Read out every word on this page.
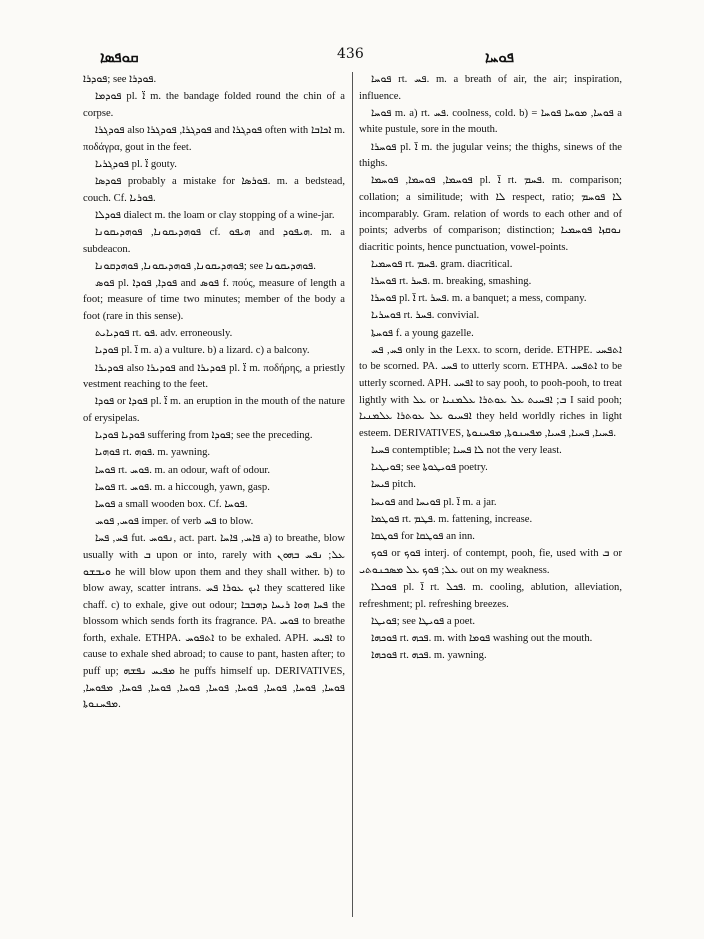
ܩܘܦܣܐ	436	ܦܘܚܐ

ܦܘܕܪܐ; see ܦܘܕܪܐ.

ܦܘܕܡܐ pl. ܐ̈ m. the bandage folded round the chin of a corpse.

ܦܘܕܓܪܐ also ܦܘܕܓܪܐ, ܦܘܕܓܪܐ and ܦܘܕܓܪܐ often with ܐܟܐܒܐ m. ποδάγρα, gout in the feet.

ܦܘܕܓܪܝܐ pl. ܐ̈ gouty.

ܦܘܕܣܐ probably a mistake for ܦܘܪܣܐ. m. a bedstead, couch. Cf. ܦܘܪܝܐ.

ܦܘܕܠܐ dialect m. the loam or clay stopping of a wine-jar.

ܦܘܗܕܝܩܘܢܐ, ܦܘܗܕܝܩܘܢܐ cf. ܗܝܦܘ and ܗܝܦܘܕ. m. a subdeacon.

ܦܘܗܕܝܩܘܢܐ, ܦܘܗܕܝܩܘܢܐ, ܦܘܗܕܩܘܢܐ; see ܦܘܗܕܝܩܘܢܐ.

ܦܘܣ pl. ܦܘܕܐ, ܦܘܕܐ and ܦܘܣ f. πούς, measure of length a foot; measure of time two minutes; member of the body a foot (rare in this sense).

ܦܘܕܝܐܝܬ rt. ܦܘ. adv. erroneously.

ܦܘܕܝܐ pl. ܐ̈ m. a) a vulture. b) a lizard. c) a balcony.

ܦܘܕܝܪܐ also ܦܘܕܝܪܐ and ܦܘܕܝܪܐ pl. ܐ̈ m. ποδήρης, a priestly vestment reaching to the feet.

ܦܘܕܐ or ܦܘܕܐ pl. ܐ̈ m. an eruption in the mouth of the nature of erysipelas.

ܦܘܕܝܐ ܦܘܕܝܐ suffering from ܦܘܕܐ; see the preceding.

ܦܘܗܝܐ rt. ܦܘܗ. m. yawning.

ܦܘܚܐ rt. ܦܘܚ. m. an odour, waft of odour.

ܦܘܚܐ rt. ܦܘܚ. m. a hiccough, yawn, gasp.

ܦܘܚܐ a small wooden box. Cf. ܦܘܚܐ.

ܦܘܚ, ܦܘܚ imper. of verb ܦܚ to blow.

ܦܚ, ܦܚܐ fut. ܢܦܘܚ, act. part. ܦܐܚ, ܦܐܚܐ a) to breathe, blow usually with ܒ upon or into, rarely with ܥܠ; ܢܦܚ ܒܗܘܢ ܘܝܒܫܘ he will blow upon them and they shall wither. b) to blow away, scatter intrans. ܐܝܟ ܥܘܪܐ ܦܚ they scattered like chaff. c) to exhale, give out odour; ܦܚܐ ܗܘܐ ܪܝܚܐ ܕܗܒܒܐ the blossom which sends forth its fragrance. PA. ܦܘܚ to breathe forth, exhale. ETHPA. ܐܬܦܘܚ to be exhaled. APH. ܐܦܝܚ to cause to exhale shed abroad; to cause to pant, hasten after; to puff up; ܡܦܝܚ ܢܦܫܗ he puffs himself up. DERIVATIVES, ܦܘܚܐ, ܦܘܚܐ, ܦܘܚܐ, ܦܘܚܐ, ܦܘܚܐ, ܦܘܚܐ, ܦܘܚܐ, ܦܘܚܐ, ܡܦܘܚܐ, ܡܦܚܢܘܬܐ.

ܦܘܚܐ rt. ܦܚ. m. a breath of air, the air; inspiration, influence.

ܦܘܚܐ m. a) rt. ܦܚ. coolness, cold. b) = ܦܘܚܐ, ܡܘܚܐ ܦܘܚܐ a white pustule, sore in the mouth.

ܦܘܚܪܐ pl. ܐ̈ m. the jugular veins; the thighs, sinews of the thighs.

ܦܘܚܡܐ, ܦܘܚܡܐ, ܦܘܚܡܐ pl. ܐ̈ rt. ܦܚܡ. m. comparison; collation; a similitude; with ܠܐ respect, ratio; ܠܐ ܦܘܚܡ incomparably. Gram. relation of words to each other and of points; adverbs of comparison; distinction; ܢܘܩܙܐ ܦܘܚܡܝܐ diacritic points, hence punctuation, vowel-points.

ܦܘܚܡܝܐ rt. ܦܚܡ. gram. diacritical.

ܦܘܚܪܐ rt. ܦܚܪ. m. breaking, smashing.

ܦܘܚܪܐ pl. ܐ̈ rt. ܦܚܪ. m. a banquet; a mess, company.

ܦܘܚܪܝܐ rt. ܦܚܪ. convivial.

ܦܘܚܬܐ f. a young gazelle.

ܦܚ, ܦܚ only in the Lexx. to scorn, deride. ETHPE. ܐܬܦܚܝ to be scorned. PA. ܦܚܝ to utterly scorn. ETHPA. ܐܬܦܚܝ to be utterly scorned. APH. ܐܦܚܝ to say pooh, to pooh-pooh, to treat lightly with ܥܠ or ܒ; ܐܦܚܝܬ ܥܠ ܥܘܬܪܐ ܥܠܡܢܝܐ I said pooh; ܐܦܚܝܘ ܥܠ ܥܘܬܪܐ ܥܠܡܢܝܐ they held worldly riches in light esteem. DERIVATIVES, ܦܚܝܐ, ܦܚܝܐ, ܦܚܝܐ, ܡܦܚܢܘܬܐ, ܡܦܚܢܘܬܐ.

ܦܚܝܐ contemptible; ܠܐ ܦܚܝܐ not the very least.

ܦܘܝܛܝܐ; see ܦܘܝܛܘܬܐ poetry.

ܦܝܚܐ pitch.

ܦܘܝܚܐ and ܦܘܝܚܐ pl. ܐ̈ m. a jar.

ܦܘܛܡܐ rt. ܦܛܡ. m. fattening, increase.

ܦܘܛܩܐ for ܦܘܛܩܐ an inn.

ܦܘܟ or ܦܘܟ interj. of contempt, pooh, fie, used with ܒ or ܥܠ; ܦܘܟ ܥܠ ܡܣܟܢܘܬܝ out on my weakness.

ܦܘܟܠܐ pl. ܐ̈ rt. ܦܟܠ. m. cooling, ablution, alleviation, refreshment; pl. refreshing breezes.

ܦܘܝܛܐ; see ܦܘܝܛܐ a poet.

ܦܘܟܗܐ rt. ܦܟܗ. m. with ܦܘܡܐ washing out the mouth.

ܦܘܟܗܐ rt. ܦܟܗ. m. yawning.
